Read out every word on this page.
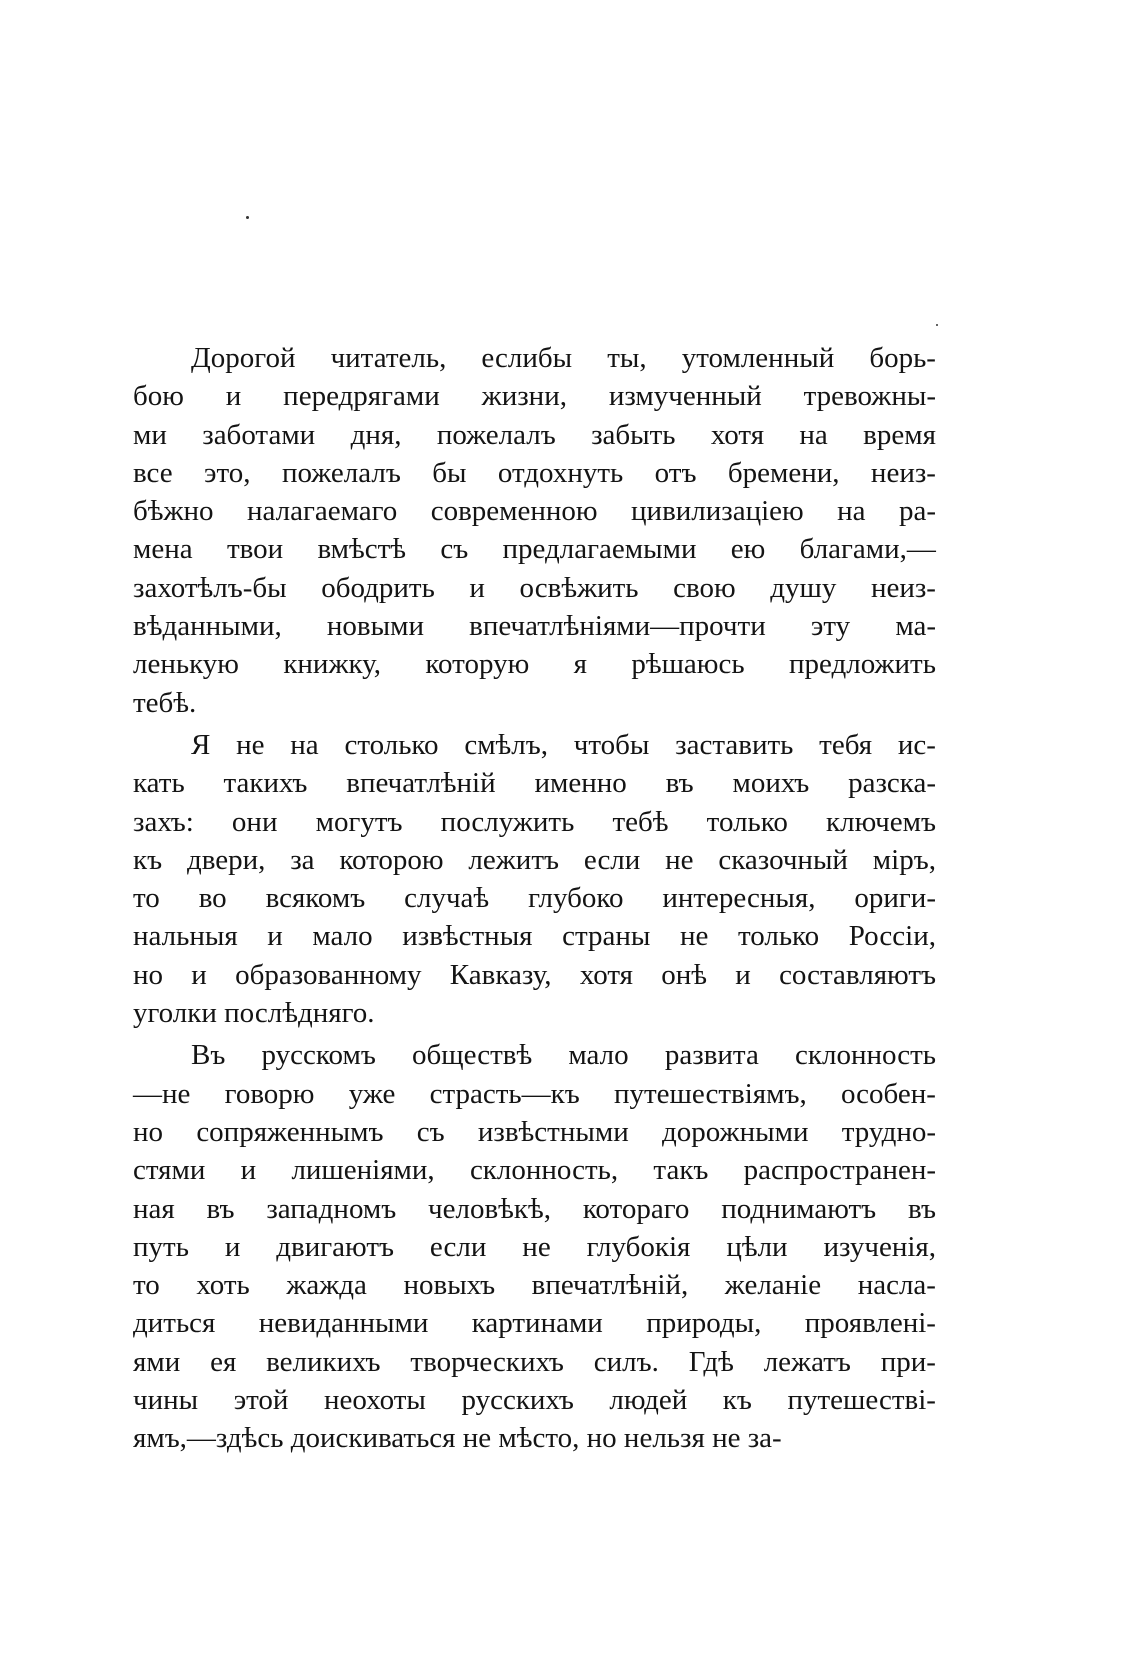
Дорогой читатель, еслибы ты, утомленный борь-
бою и передрягами жизни, измученный тревожны-
ми заботами дня, пожелалъ забыть хотя на время
все это, пожелалъ бы отдохнуть отъ бремени, неиз-
бѣжно налагаемаго современною цивилизацiею на ра-
мена твои вмѣстѣ съ предлагаемыми ею благами,—
захотѣлъ-бы ободрить и освѣжить свою душу неиз-
вѣданными, новыми впечатлѣнiями—прочти эту ма-
ленькую книжку, которую я рѣшаюсь предложить
тебѣ.
Я не на столько смѣлъ, чтобы заставить тебя ис-
кать такихъ впечатлѣнiй именно въ моихъ разска-
захъ: они могутъ послужить тебѣ только ключемъ
къ двери, за которою лежитъ если не сказочный мiръ,
то во всякомъ случаѣ глубоко интересныя, ориги-
нальныя и мало извѣстныя страны не только Россiи,
но и образованному Кавказу, хотя онѣ и составляютъ
уголки послѣдняго.
Въ русскомъ обществѣ мало развита склонность
—не говорю уже страсть—къ путешествiямъ, особен-
но сопряженнымъ съ извѣстными дорожными трудно-
стями и лишенiями, склонность, такъ распространен-
ная въ западномъ человѣкѣ, котораго поднимаютъ въ
путь и двигаютъ если не глубокiя цѣли изученiя,
то хоть жажда новыхъ впечатлѣнiй, желанiе наслa-
диться невиданными картинами природы, проявленi-
ями ея великихъ творческихъ силъ. Гдѣ лежатъ при-
чины этой неохоты русскихъ людей къ путешествi-
ямъ,—здѣсь доискиваться не мѣсто, но нельзя не за-
